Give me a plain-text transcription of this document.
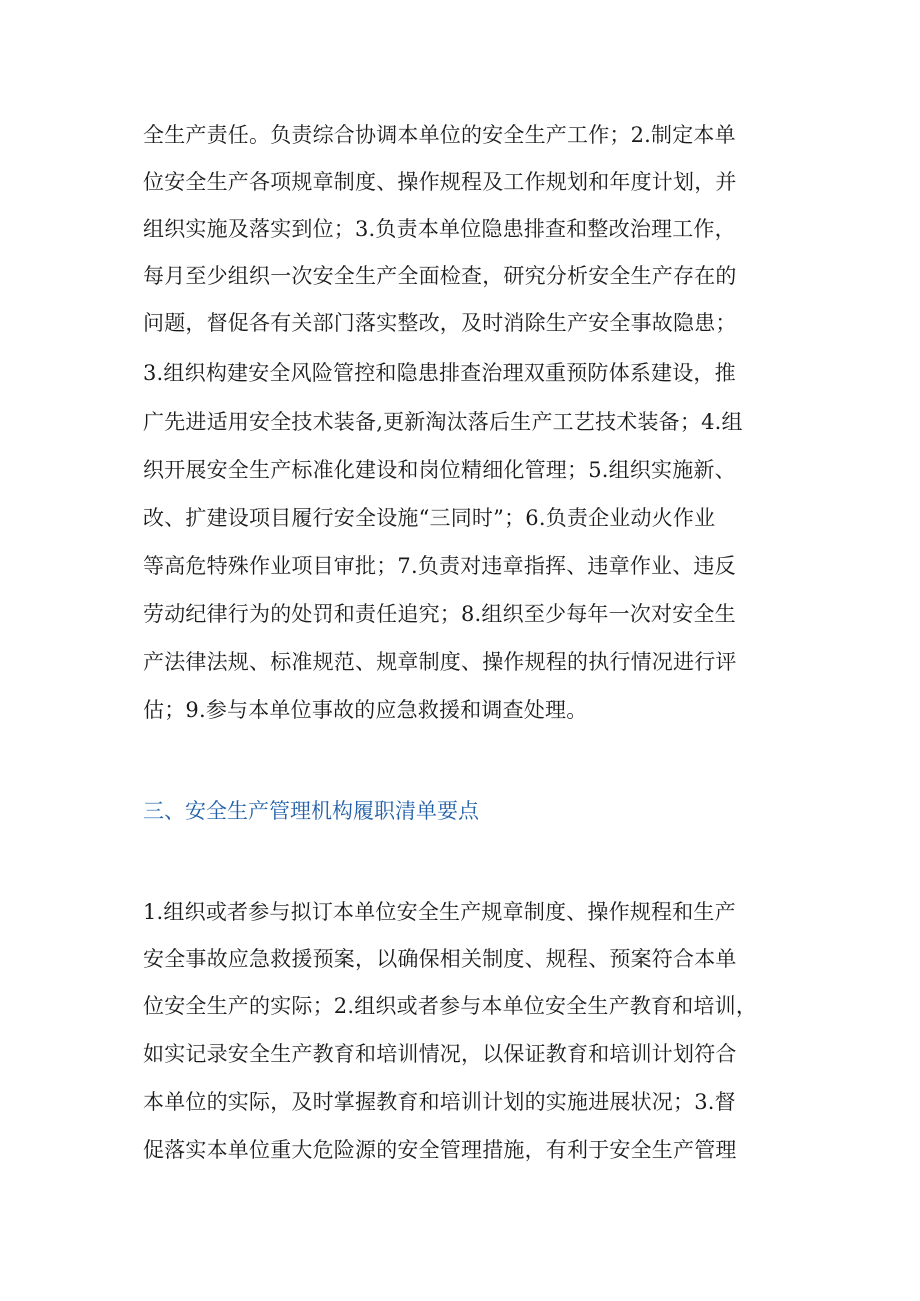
全生产责任。负责综合协调本单位的安全生产工作；2.制定本单
位安全生产各项规章制度、操作规程及工作规划和年度计划，并
组织实施及落实到位；3.负责本单位隐患排查和整改治理工作，
每月至少组织一次安全生产全面检查，研究分析安全生产存在的
问题，督促各有关部门落实整改，及时消除生产安全事故隐患；
3.组织构建安全风险管控和隐患排查治理双重预防体系建设，推
广先进适用安全技术装备,更新淘汰落后生产工艺技术装备；4.组
织开展安全生产标准化建设和岗位精细化管理；5.组织实施新、
改、扩建设项目履行安全设施“三同时”；6.负责企业动火作业
等高危特殊作业项目审批；7.负责对违章指挥、违章作业、违反
劳动纪律行为的处罚和责任追究；8.组织至少每年一次对安全生
产法律法规、标准规范、规章制度、操作规程的执行情况进行评
估；9.参与本单位事故的应急救援和调查处理。
三、安全生产管理机构履职清单要点
1.组织或者参与拟订本单位安全生产规章制度、操作规程和生产
安全事故应急救援预案，以确保相关制度、规程、预案符合本单
位安全生产的实际；2.组织或者参与本单位安全生产教育和培训，
如实记录安全生产教育和培训情况，以保证教育和培训计划符合
本单位的实际，及时掌握教育和培训计划的实施进展状况；3.督
促落实本单位重大危险源的安全管理措施，有利于安全生产管理
